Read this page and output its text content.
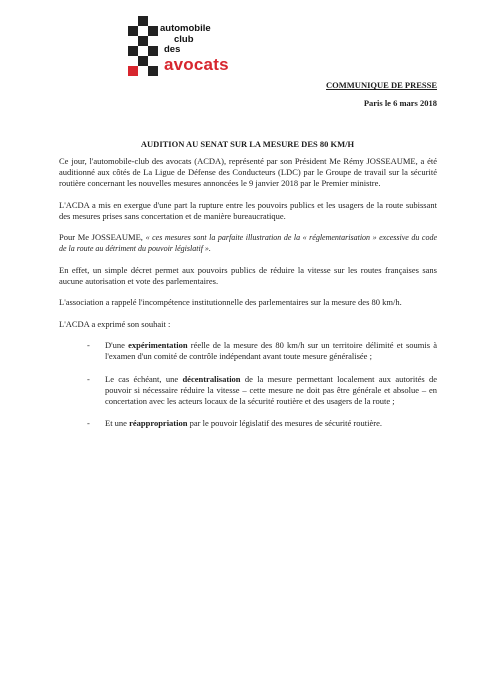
automobile
club
des
avocats
COMMUNIQUE DE PRESSE
Paris le 6 mars 2018
AUDITION AU SENAT SUR LA MESURE DES 80 KM/H

Ce jour, l'automobile-club des avocats (ACDA), représenté par son Président Me Rémy JOSSEAUME, a été auditionné aux côtés de La Ligue de Défense des Conducteurs (LDC) par le Groupe de travail sur la sécurité routière concernant les nouvelles mesures annoncées le 9 janvier 2018 par le Premier ministre.

L'ACDA a mis en exergue d'une part la rupture entre les pouvoirs publics et les usagers de la route subissant des mesures prises sans concertation et de manière bureaucratique.

Pour Me JOSSEAUME, « ces mesures sont la parfaite illustration de la « réglementarisation » excessive du code de la route au détriment du pouvoir législatif ».

En effet, un simple décret permet aux pouvoirs publics de réduire la vitesse sur les routes françaises sans aucune autorisation et vote des parlementaires.

L'association a rappelé l'incompétence institutionnelle des parlementaires sur la mesure des 80 km/h.

L'ACDA a exprimé son souhait :

- D'une expérimentation réelle de la mesure des 80 km/h sur un territoire délimité et soumis à l'examen d'un comité de contrôle indépendant avant toute mesure généralisée ;
- Le cas échéant, une décentralisation de la mesure permettant localement aux autorités de pouvoir si nécessaire réduire la vitesse – cette mesure ne doit pas être générale et absolue – en concertation avec les acteurs locaux de la sécurité routière et des usagers de la route ;
- Et une réappropriation par le pouvoir législatif des mesures de sécurité routière.
